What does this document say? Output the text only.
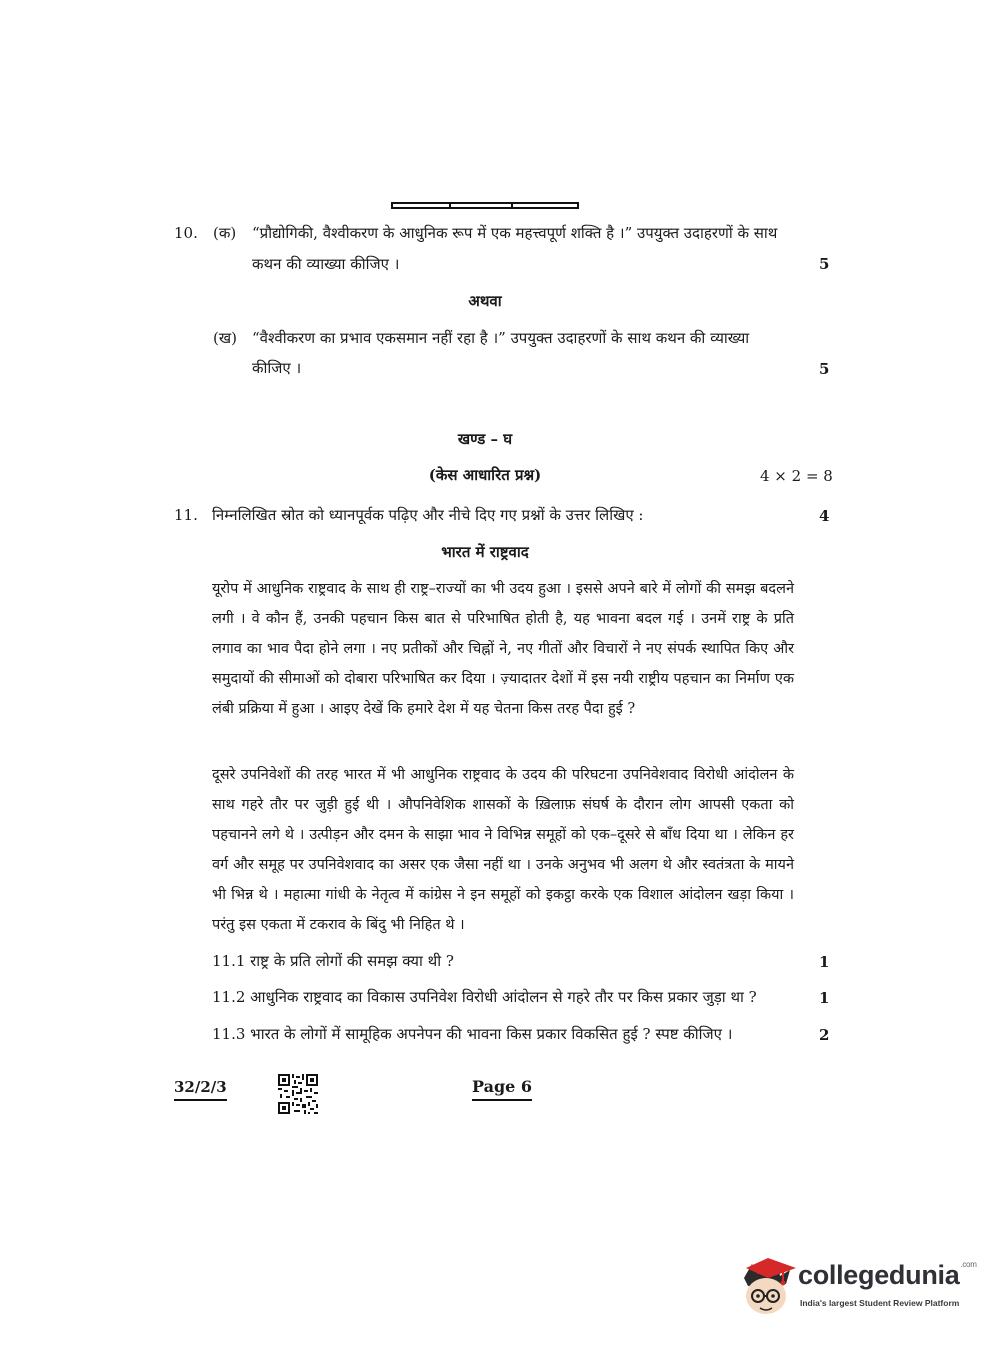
10. (क) “प्रौद्योगिकी, वैश्वीकरण के आधुनिक रूप में एक महत्त्वपूर्ण शक्ति है ।” उपयुक्त उदाहरणों के साथ
कथन की व्याख्या कीजिए ।	5
अथवा
(ख) “वैश्वीकरण का प्रभाव एकसमान नहीं रहा है ।” उपयुक्त उदाहरणों के साथ कथन की व्याख्या
कीजिए ।	5
खण्ड – घ
(केस आधारित प्रश्न)	4 × 2 = 8
11. निम्नलिखित स्रोत को ध्यानपूर्वक पढ़िए और नीचे दिए गए प्रश्नों के उत्तर लिखिए :	4
भारत में राष्ट्रवाद

यूरोप में आधुनिक राष्ट्रवाद के साथ ही राष्ट्र–राज्यों का भी उदय हुआ । इससे अपने बारे में लोगों की समझ बदलने लगी । वे कौन हैं, उनकी पहचान किस बात से परिभाषित होती है, यह भावना बदल गई । उनमें राष्ट्र के प्रति लगाव का भाव पैदा होने लगा । नए प्रतीकों और चिह्नों ने, नए गीतों और विचारों ने नए संपर्क स्थापित किए और समुदायों की सीमाओं को दोबारा परिभाषित कर दिया । ज़्यादातर देशों में इस नयी राष्ट्रीय पहचान का निर्माण एक लंबी प्रक्रिया में हुआ । आइए देखें कि हमारे देश में यह चेतना किस तरह पैदा हुई ?

दूसरे उपनिवेशों की तरह भारत में भी आधुनिक राष्ट्रवाद के उदय की परिघटना उपनिवेशवाद विरोधी आंदोलन के साथ गहरे तौर पर जुड़ी हुई थी । औपनिवेशिक शासकों के ख़िलाफ़ संघर्ष के दौरान लोग आपसी एकता को पहचानने लगे थे । उत्पीड़न और दमन के साझा भाव ने विभिन्न समूहों को एक–दूसरे से बाँध दिया था । लेकिन हर वर्ग और समूह पर उपनिवेशवाद का असर एक जैसा नहीं था । उनके अनुभव भी अलग थे और स्वतंत्रता के मायने भी भिन्न थे । महात्मा गांधी के नेतृत्व में कांग्रेस ने इन समूहों को इकट्ठा करके एक विशाल आंदोलन खड़ा किया । परंतु इस एकता में टकराव के बिंदु भी निहित थे ।

11.1 राष्ट्र के प्रति लोगों की समझ क्या थी ?	1
11.2 आधुनिक राष्ट्रवाद का विकास उपनिवेश विरोधी आंदोलन से गहरे तौर पर किस प्रकार जुड़ा था ?	1
11.3 भारत के लोगों में सामूहिक अपनेपन की भावना किस प्रकार विकसित हुई ? स्पष्ट कीजिए ।	2
32/2/3	Page 6
collegedunia$^{.com}$
India's largest Student Review Platform
